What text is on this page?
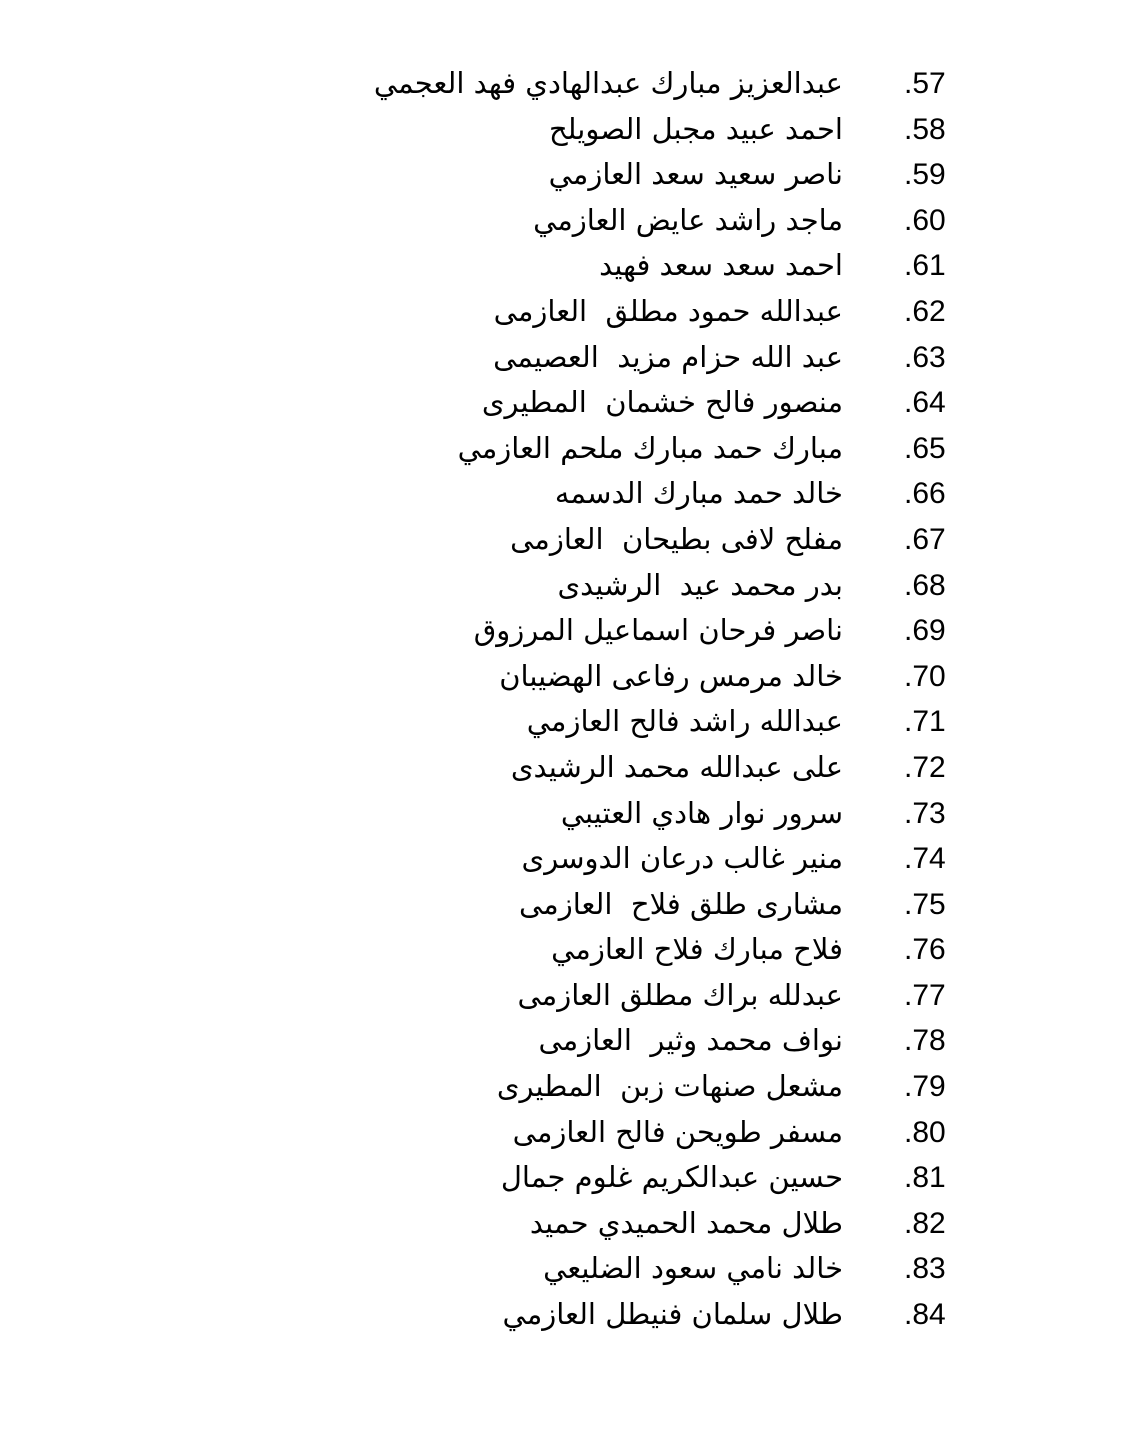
.57
عبدالعزيز مبارك عبدالهادي فهد العجمي
.58
احمد عبيد مجبل الصويلح
.59
ناصر سعيد سعد العازمي
.60
ماجد راشد عايض العازمي
.61
احمد سعد سعد فهيد
.62
عبدالله حمود مطلق  العازمى
.63
عبد الله حزام مزيد  العصيمى
.64
منصور فالح خشمان  المطيرى
.65
مبارك حمد مبارك ملحم العازمي
.66
خالد حمد مبارك الدسمه
.67
مفلح لافى بطيحان  العازمى
.68
بدر محمد عيد  الرشيدى
.69
ناصر فرحان اسماعيل المرزوق
.70
خالد مرمس رفاعى الهضيبان
.71
عبدالله راشد فالح العازمي
.72
على عبدالله محمد الرشيدى
.73
سرور نوار هادي العتيبي
.74
منير غالب درعان الدوسرى
.75
مشارى طلق فلاح  العازمى
.76
فلاح مبارك فلاح العازمي
.77
عبدلله براك مطلق العازمى
.78
نواف محمد وثير  العازمى
.79
مشعل صنهات زبن  المطيرى
.80
مسفر طويحن فالح العازمى
.81
حسين عبدالكريم غلوم جمال
.82
طلال محمد الحميدي حميد
.83
خالد نامي سعود الضليعي
.84
طلال سلمان فنيطل العازمي
